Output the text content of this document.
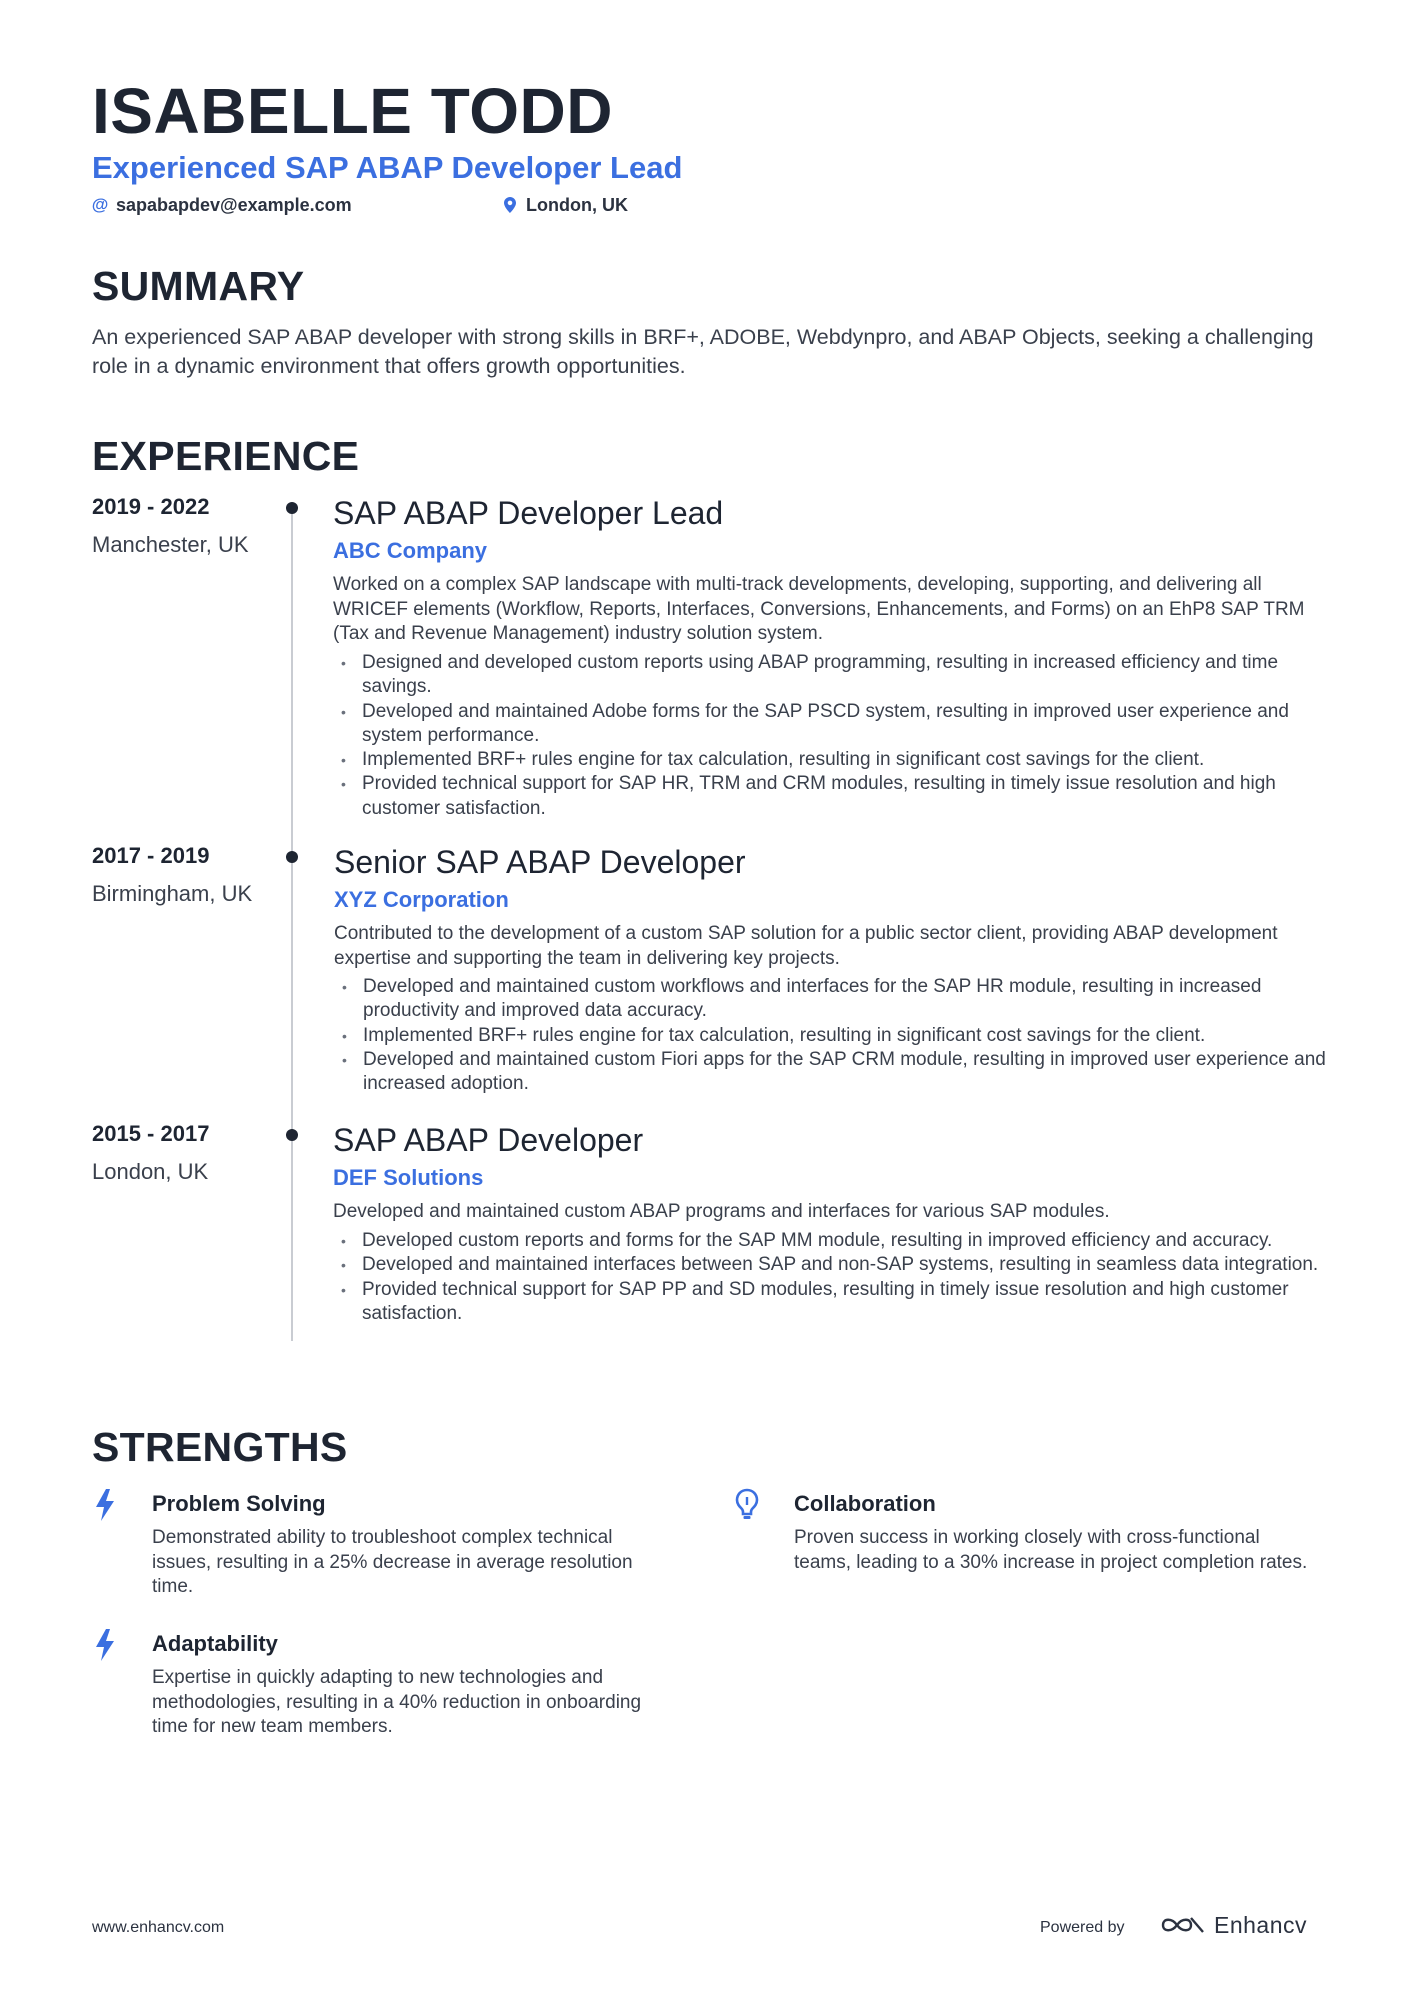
ISABELLE TODD
Experienced SAP ABAP Developer Lead
@ sapabapdev@example.com	London, UK
SUMMARY
An experienced SAP ABAP developer with strong skills in BRF+, ADOBE, Webdynpro, and ABAP Objects, seeking a challenging role in a dynamic environment that offers growth opportunities.
EXPERIENCE
2019 - 2022
Manchester, UK
SAP ABAP Developer Lead
ABC Company
Worked on a complex SAP landscape with multi-track developments, developing, supporting, and delivering all WRICEF elements (Workflow, Reports, Interfaces, Conversions, Enhancements, and Forms) on an EhP8 SAP TRM (Tax and Revenue Management) industry solution system.
• Designed and developed custom reports using ABAP programming, resulting in increased efficiency and time savings.
• Developed and maintained Adobe forms for the SAP PSCD system, resulting in improved user experience and system performance.
• Implemented BRF+ rules engine for tax calculation, resulting in significant cost savings for the client.
• Provided technical support for SAP HR, TRM and CRM modules, resulting in timely issue resolution and high customer satisfaction.
2017 - 2019
Birmingham, UK
Senior SAP ABAP Developer
XYZ Corporation
Contributed to the development of a custom SAP solution for a public sector client, providing ABAP development expertise and supporting the team in delivering key projects.
• Developed and maintained custom workflows and interfaces for the SAP HR module, resulting in increased productivity and improved data accuracy.
• Implemented BRF+ rules engine for tax calculation, resulting in significant cost savings for the client.
• Developed and maintained custom Fiori apps for the SAP CRM module, resulting in improved user experience and increased adoption.
2015 - 2017
London, UK
SAP ABAP Developer
DEF Solutions
Developed and maintained custom ABAP programs and interfaces for various SAP modules.
• Developed custom reports and forms for the SAP MM module, resulting in improved efficiency and accuracy.
• Developed and maintained interfaces between SAP and non-SAP systems, resulting in seamless data integration.
• Provided technical support for SAP PP and SD modules, resulting in timely issue resolution and high customer satisfaction.
STRENGTHS
Problem Solving
Demonstrated ability to troubleshoot complex technical issues, resulting in a 25% decrease in average resolution time.
Collaboration
Proven success in working closely with cross-functional teams, leading to a 30% increase in project completion rates.
Adaptability
Expertise in quickly adapting to new technologies and methodologies, resulting in a 40% reduction in onboarding time for new team members.
www.enhancv.com	Powered by	Enhancv
